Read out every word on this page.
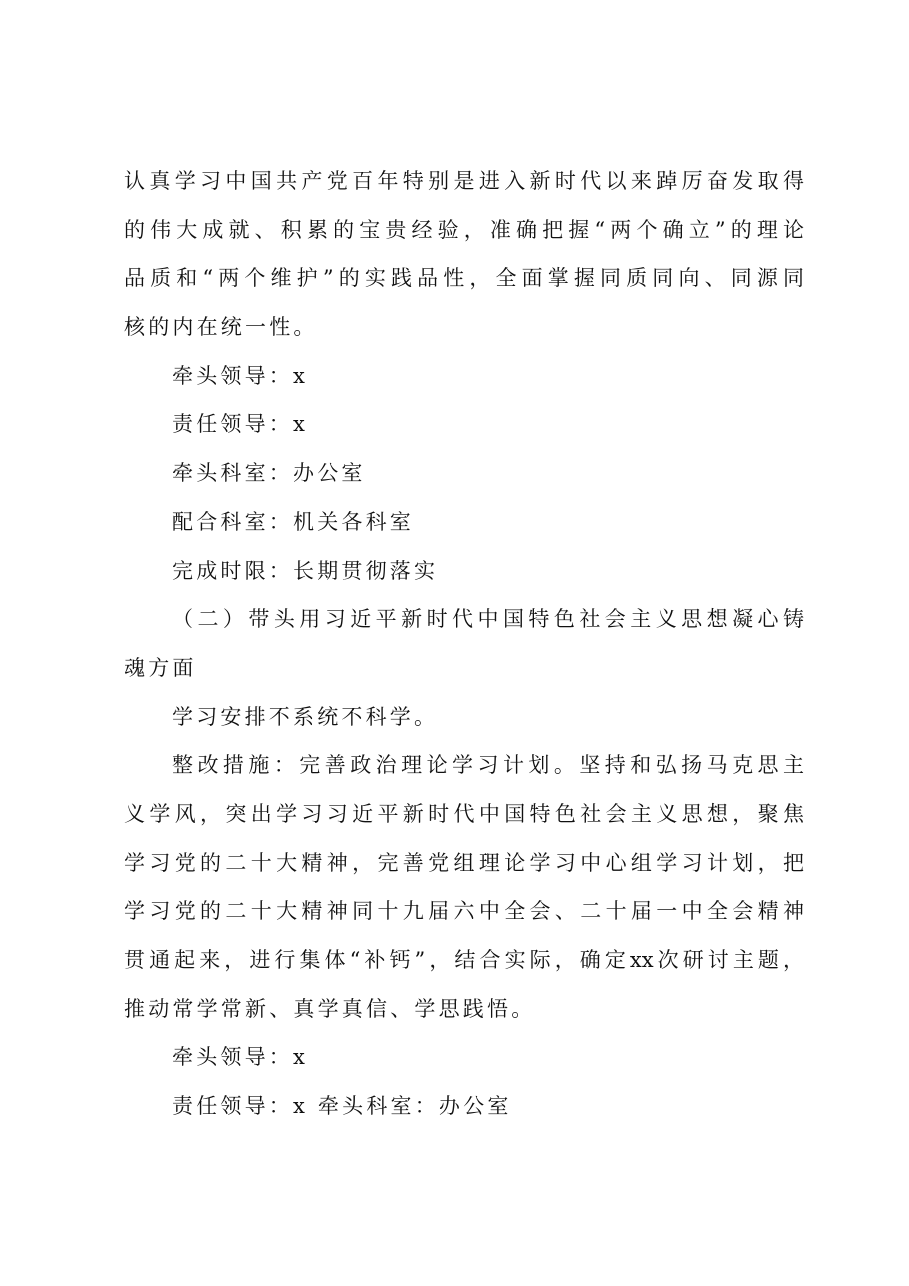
认真学习中国共产党百年特别是进入新时代以来踔厉奋发取得
的伟大成就、积累的宝贵经验，准确把握“两个确立”的理论
品质和“两个维护”的实践品性，全面掌握同质同向、同源同
核的内在统一性。
牵头领导：x
责任领导：x
牵头科室：办公室
配合科室：机关各科室
完成时限：长期贯彻落实
（二）带头用习近平新时代中国特色社会主义思想凝心铸
魂方面
学习安排不系统不科学。
整改措施：完善政治理论学习计划。坚持和弘扬马克思主
义学风，突出学习习近平新时代中国特色社会主义思想，聚焦
学习党的二十大精神，完善党组理论学习中心组学习计划，把
学习党的二十大精神同十九届六中全会、二十届一中全会精神
贯通起来，进行集体“补钙”，结合实际，确定xx次研讨主题，
推动常学常新、真学真信、学思践悟。
牵头领导：x
责任领导：x 牵头科室：办公室
